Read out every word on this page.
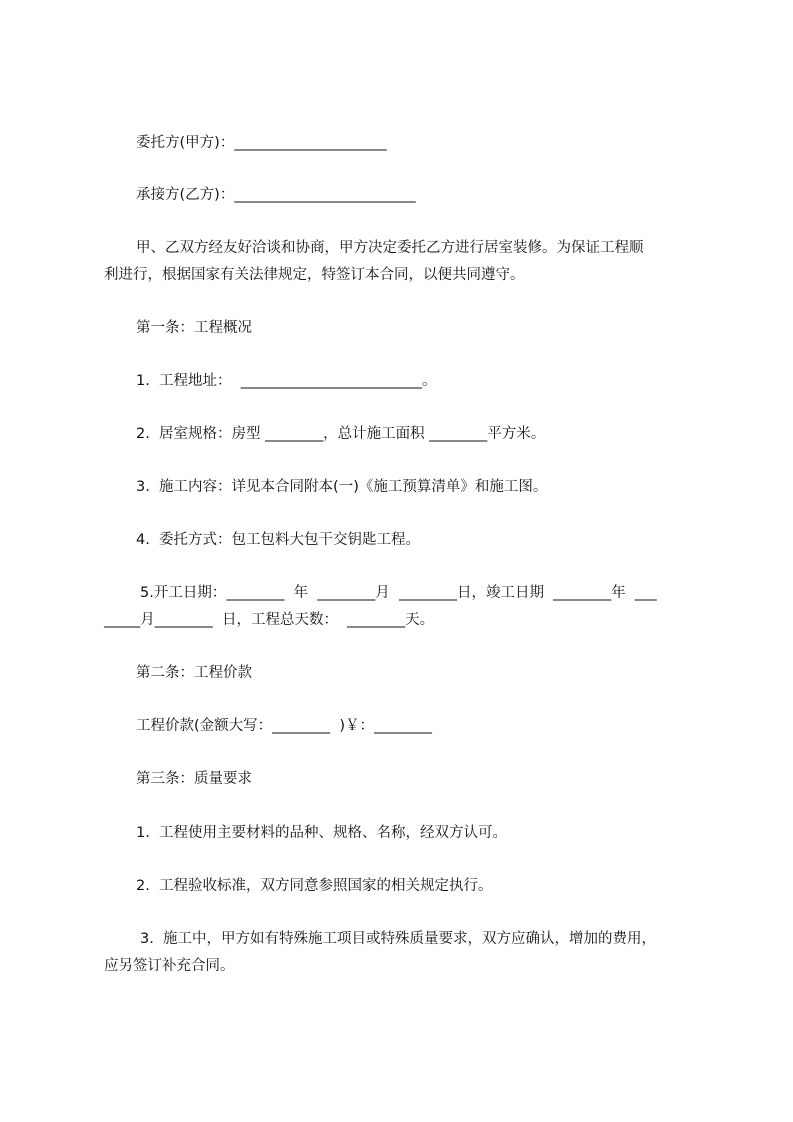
委托方(甲方)：_____________________
承接方(乙方)：_________________________
甲、乙双方经友好洽谈和协商，甲方决定委托乙方进行居室装修。为保证工程顺
利进行，根据国家有关法律规定，特签订本合同，以便共同遵守。
第一条：工程概况
1.  工程地址：  _________________________。
2.  居室规格：房型 ________，总计施工面积 ________平方米。
3.  施工内容：详见本合同附本(一)《施工预算清单》和施工图。
4.  委托方式：包工包料大包干交钥匙工程。
5.开工日期：________  年  ________月  ________日，竣工日期  ________年  ___
_____月________  日，工程总天数：  ________天。
第二条：工程价款
工程价款(金额大写：________  )￥：________
第三条：质量要求
1.  工程使用主要材料的品种、规格、名称，经双方认可。
2.  工程验收标准，双方同意参照国家的相关规定执行。
3.  施工中，甲方如有特殊施工项目或特殊质量要求，双方应确认，增加的费用，
应另签订补充合同。
